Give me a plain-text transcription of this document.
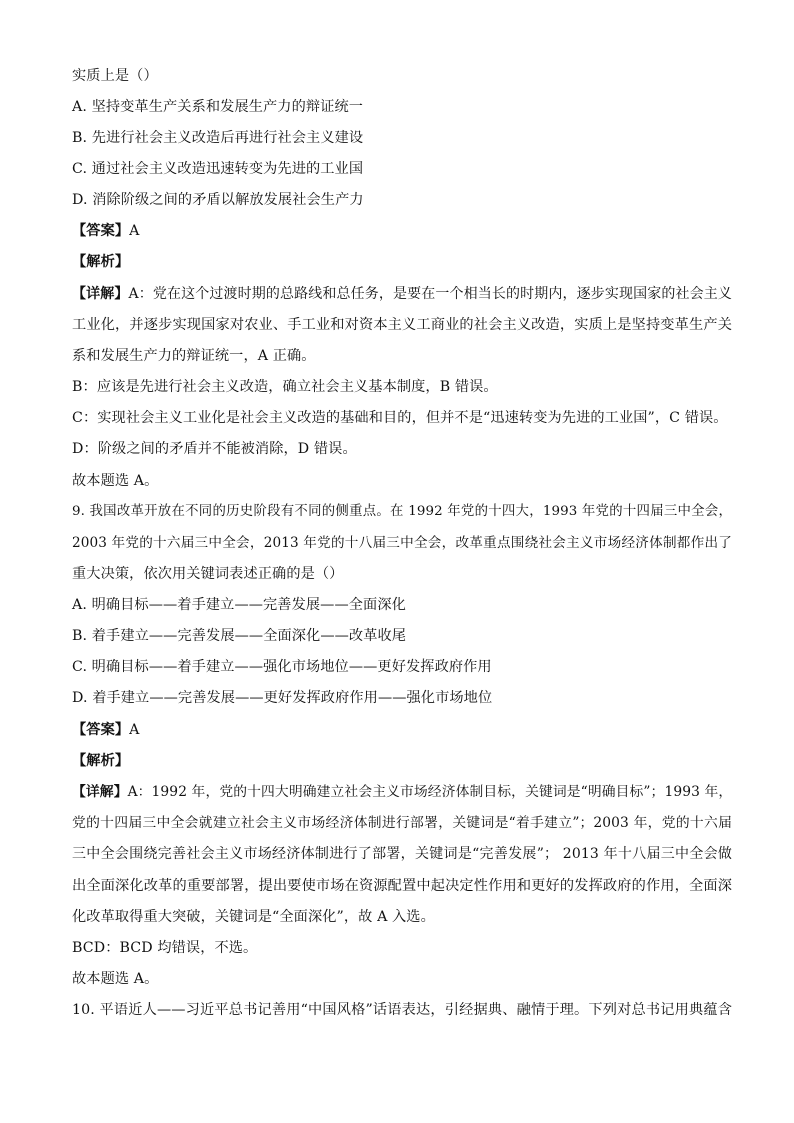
实质上是（）
A. 坚持变革生产关系和发展生产力的辩证统一
B. 先进行社会主义改造后再进行社会主义建设
C. 通过社会主义改造迅速转变为先进的工业国
D. 消除阶级之间的矛盾以解放发展社会生产力
【答案】A
【解析】
【详解】A：党在这个过渡时期的总路线和总任务，是要在一个相当长的时期内，逐步实现国家的社会主义
工业化，并逐步实现国家对农业、手工业和对资本主义工商业的社会主义改造，实质上是坚持变革生产关
系和发展生产力的辩证统一，A 正确。
B：应该是先进行社会主义改造，确立社会主义基本制度，B 错误。
C：实现社会主义工业化是社会主义改造的基础和目的，但并不是“迅速转变为先进的工业国”，C 错误。
D：阶级之间的矛盾并不能被消除，D 错误。
故本题选 A。
9. 我国改革开放在不同的历史阶段有不同的侧重点。在 1992 年党的十四大，1993 年党的十四届三中全会，
2003 年党的十六届三中全会，2013 年党的十八届三中全会，改革重点围绕社会主义市场经济体制都作出了
重大决策，依次用关键词表述正确的是（）
A. 明确目标——着手建立——完善发展——全面深化
B. 着手建立——完善发展——全面深化——改革收尾
C. 明确目标——着手建立——强化市场地位——更好发挥政府作用
D. 着手建立——完善发展——更好发挥政府作用——强化市场地位
【答案】A
【解析】
【详解】A：1992 年，党的十四大明确建立社会主义市场经济体制目标，关键词是“明确目标”；1993 年，
党的十四届三中全会就建立社会主义市场经济体制进行部署，关键词是“着手建立”；2003 年，党的十六届
三中全会围绕完善社会主义市场经济体制进行了部署，关键词是“完善发展”； 2013 年十八届三中全会做
出全面深化改革的重要部署，提出要使市场在资源配置中起决定性作用和更好的发挥政府的作用，全面深
化改革取得重大突破，关键词是“全面深化”，故 A 入选。
BCD：BCD 均错误，不选。
故本题选 A。
10. 平语近人——习近平总书记善用“中国风格”话语表达，引经据典、融情于理。下列对总书记用典蕴含
